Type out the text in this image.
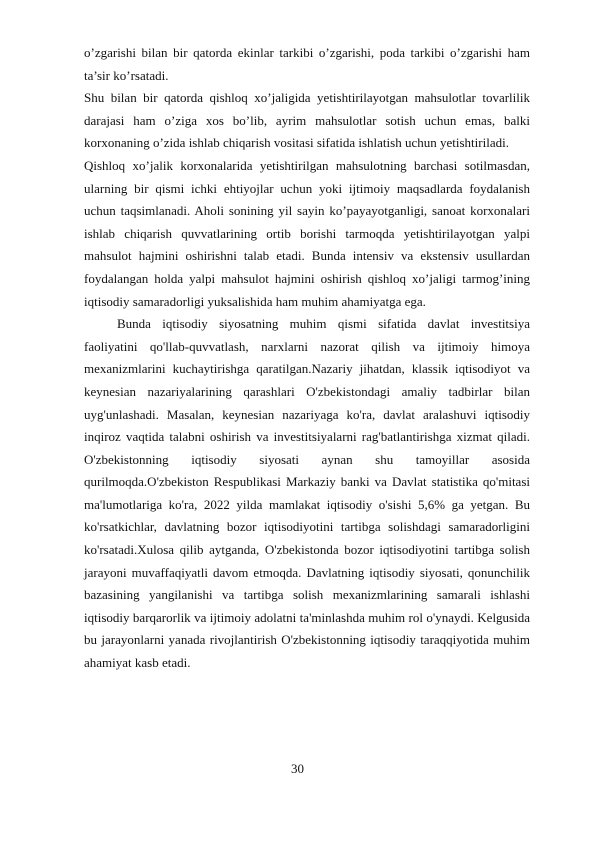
o’zgarishi bilan bir qatorda ekinlar tarkibi o’zgarishi, poda tarkibi o’zgarishi ham ta’sir ko’rsatadi.

Shu bilan bir qatorda qishloq xo’jaligida yetishtirilayotgan mahsulotlar tovarlilik darajasi ham o’ziga xos bo’lib, ayrim mahsulotlar sotish uchun emas, balki korxonaning o’zida ishlab chiqarish vositasi sifatida ishlatish uchun yetishtiriladi.

Qishloq xo’jalik korxonalarida yetishtirilgan mahsulotning barchasi sotilmasdan, ularning bir qismi ichki ehtiyojlar uchun yoki ijtimoiy maqsadlarda foydalanish uchun taqsimlanadi. Aholi sonining yil sayin ko’payayotganligi, sanoat korxonalari ishlab chiqarish quvvatlarining ortib borishi tarmoqda yetishtirilayotgan yalpi mahsulot hajmini oshirishni talab etadi. Bunda intensiv va ekstensiv usullardan foydalangan holda yalpi mahsulot hajmini oshirish qishloq xo’jaligi tarmog’ining iqtisodiy samaradorligi yuksalishida ham muhim ahamiyatga ega.

Bunda iqtisodiy siyosatning muhim qismi sifatida davlat investitsiya faoliyatini qo'llab-quvvatlash, narxlarni nazorat qilish va ijtimoiy himoya mexanizmlarini kuchaytirishga qaratilgan.Nazariy jihatdan, klassik iqtisodiyot va keynesian nazariyalarining qarashlari O'zbekistondagi amaliy tadbirlar bilan uyg'unlashadi. Masalan, keynesian nazariyaga ko'ra, davlat aralashuvi iqtisodiy inqiroz vaqtida talabni oshirish va investitsiyalarni rag'batlantirishga xizmat qiladi. O'zbekistonning iqtisodiy siyosati aynan shu tamoyillar asosida qurilmoqda.O'zbekiston Respublikasi Markaziy banki va Davlat statistika qo'mitasi ma'lumotlariga ko'ra, 2022 yilda mamlakat iqtisodiy o'sishi 5,6% ga yetgan. Bu ko'rsatkichlar, davlatning bozor iqtisodiyotini tartibga solishdagi samaradorligini ko'rsatadi.Xulosa qilib aytganda, O'zbekistonda bozor iqtisodiyotini tartibga solish jarayoni muvaffaqiyatli davom etmoqda. Davlatning iqtisodiy siyosati, qonunchilik bazasining yangilanishi va tartibga solish mexanizmlarining samarali ishlashi iqtisodiy barqarorlik va ijtimoiy adolatni ta'minlashda muhim rol o'ynaydi. Kelgusida bu jarayonlarni yanada rivojlantirish O'zbekistonning iqtisodiy taraqqiyotida muhim ahamiyat kasb etadi.

30
